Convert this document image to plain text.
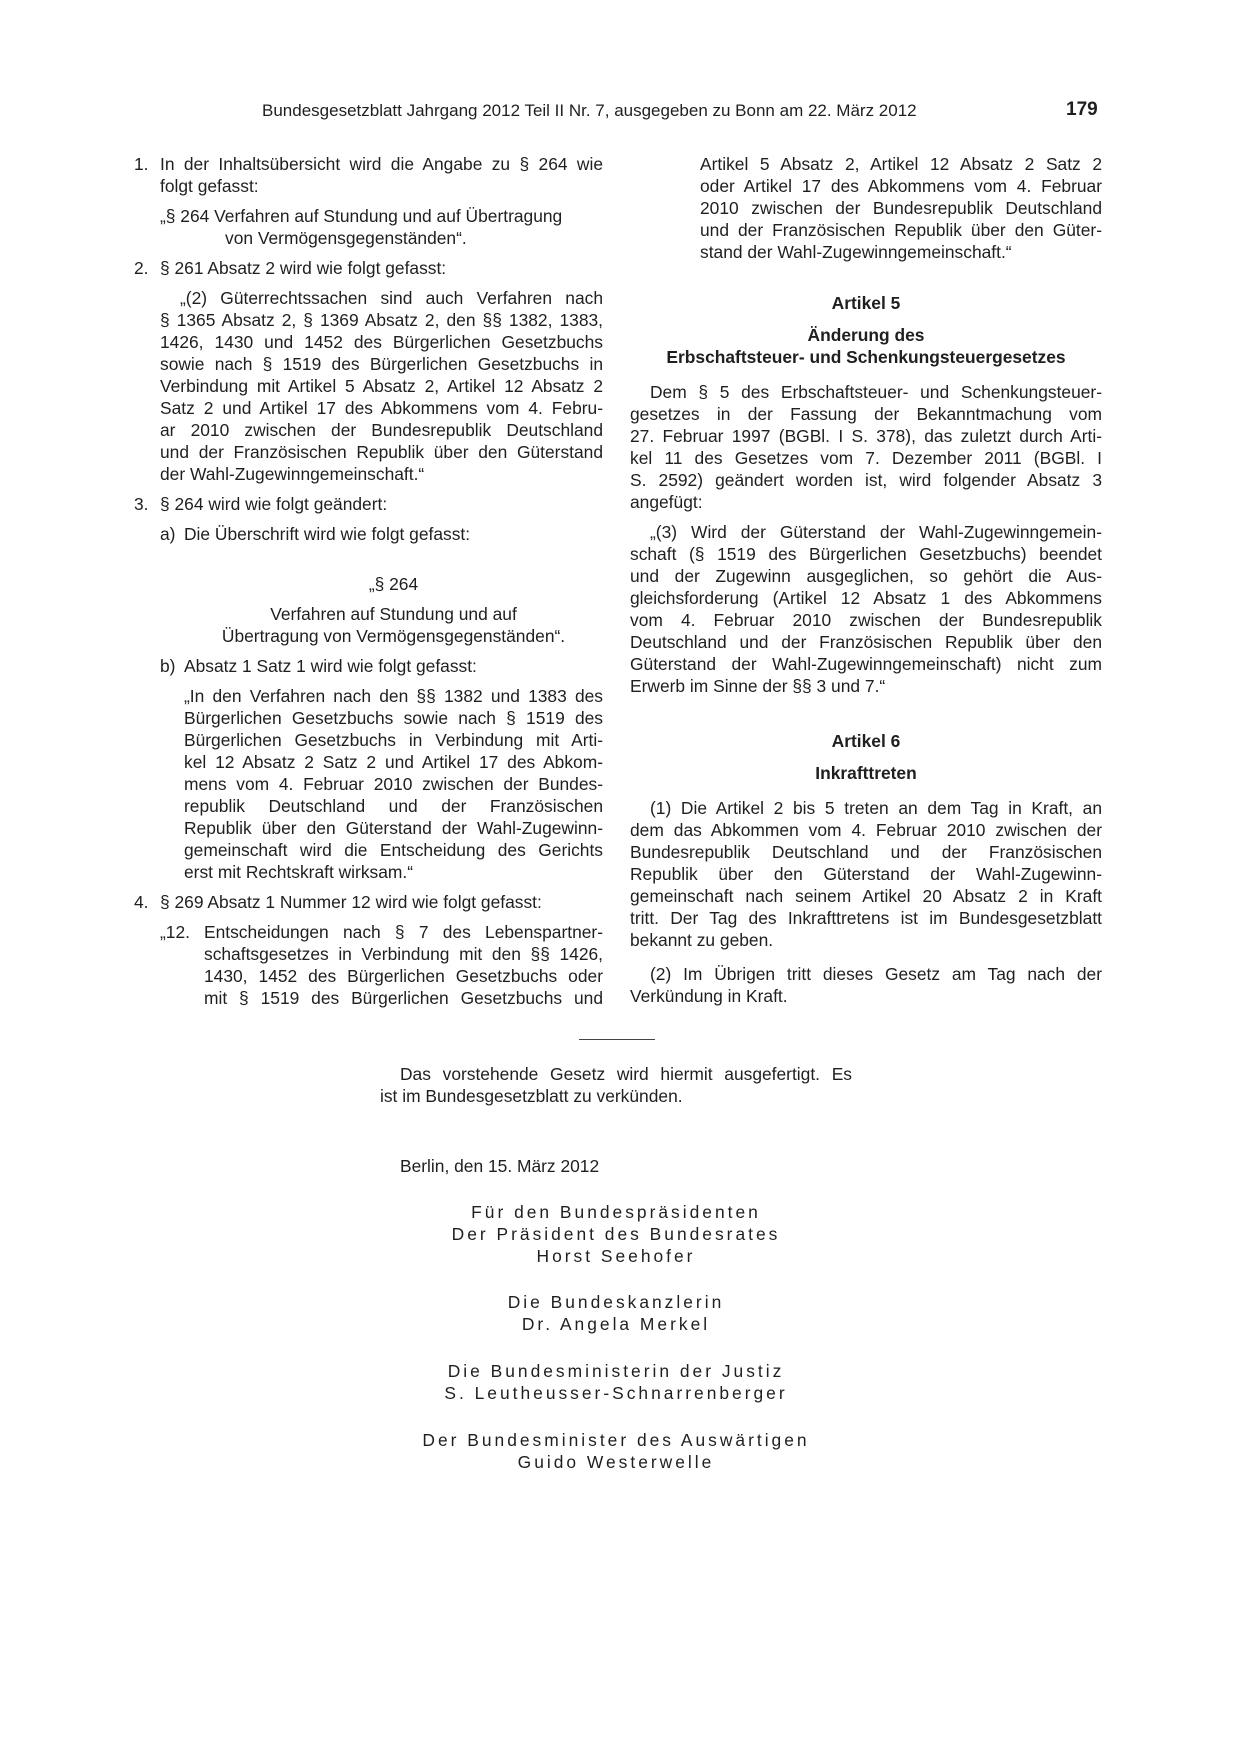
Bundesgesetzblatt Jahrgang 2012 Teil II Nr. 7, ausgegeben zu Bonn am 22. März 2012	179
1. In der Inhaltsübersicht wird die Angabe zu § 264 wie
folgt gefasst:
„§ 264 Verfahren auf Stundung und auf Übertragung
von Vermögensgegenständen“.
2. § 261 Absatz 2 wird wie folgt gefasst:
„(2) Güterrechtssachen sind auch Verfahren nach
§ 1365 Absatz 2, § 1369 Absatz 2, den §§ 1382, 1383,
1426, 1430 und 1452 des Bürgerlichen Gesetzbuchs
sowie nach § 1519 des Bürgerlichen Gesetzbuchs in
Verbindung mit Artikel 5 Absatz 2, Artikel 12 Absatz 2
Satz 2 und Artikel 17 des Abkommens vom 4. Febru-
ar 2010 zwischen der Bundesrepublik Deutschland
und der Französischen Republik über den Güterstand
der Wahl-Zugewinngemeinschaft.“
3. § 264 wird wie folgt geändert:
a) Die Überschrift wird wie folgt gefasst:
„§ 264
Verfahren auf Stundung und auf
Übertragung von Vermögensgegenständen“.
b) Absatz 1 Satz 1 wird wie folgt gefasst:
„In den Verfahren nach den §§ 1382 und 1383 des
Bürgerlichen Gesetzbuchs sowie nach § 1519 des
Bürgerlichen Gesetzbuchs in Verbindung mit Arti-
kel 12 Absatz 2 Satz 2 und Artikel 17 des Abkom-
mens vom 4. Februar 2010 zwischen der Bundes-
republik Deutschland und der Französischen
Republik über den Güterstand der Wahl-Zugewinn-
gemeinschaft wird die Entscheidung des Gerichts
erst mit Rechtskraft wirksam.“
4. § 269 Absatz 1 Nummer 12 wird wie folgt gefasst:
„12. Entscheidungen nach § 7 des Lebenspartner-
schaftsgesetzes in Verbindung mit den §§ 1426,
1430, 1452 des Bürgerlichen Gesetzbuchs oder
mit § 1519 des Bürgerlichen Gesetzbuchs und
Artikel 5 Absatz 2, Artikel 12 Absatz 2 Satz 2
oder Artikel 17 des Abkommens vom 4. Februar
2010 zwischen der Bundesrepublik Deutschland
und der Französischen Republik über den Güter-
stand der Wahl-Zugewinngemeinschaft.“
Artikel 5
Änderung des
Erbschaftsteuer- und Schenkungsteuergesetzes
Dem § 5 des Erbschaftsteuer- und Schenkungsteuer-
gesetzes in der Fassung der Bekanntmachung vom
27. Februar 1997 (BGBl. I S. 378), das zuletzt durch Arti-
kel 11 des Gesetzes vom 7. Dezember 2011 (BGBl. I
S. 2592) geändert worden ist, wird folgender Absatz 3
angefügt:
„(3) Wird der Güterstand der Wahl-Zugewinngemein-
schaft (§ 1519 des Bürgerlichen Gesetzbuchs) beendet
und der Zugewinn ausgeglichen, so gehört die Aus-
gleichsforderung (Artikel 12 Absatz 1 des Abkommens
vom 4. Februar 2010 zwischen der Bundesrepublik
Deutschland und der Französischen Republik über den
Güterstand der Wahl-Zugewinngemeinschaft) nicht zum
Erwerb im Sinne der §§ 3 und 7.“
Artikel 6
Inkrafttreten
(1) Die Artikel 2 bis 5 treten an dem Tag in Kraft, an
dem das Abkommen vom 4. Februar 2010 zwischen der
Bundesrepublik Deutschland und der Französischen
Republik über den Güterstand der Wahl-Zugewinn-
gemeinschaft nach seinem Artikel 20 Absatz 2 in Kraft
tritt. Der Tag des Inkrafttretens ist im Bundesgesetzblatt
bekannt zu geben.
(2) Im Übrigen tritt dieses Gesetz am Tag nach der
Verkündung in Kraft.
Das vorstehende Gesetz wird hiermit ausgefertigt. Es
ist im Bundesgesetzblatt zu verkünden.
Berlin, den 15. März 2012
Für den Bundespräsidenten
Der Präsident des Bundesrates
Horst Seehofer
Die Bundeskanzlerin
Dr. Angela Merkel
Die Bundesministerin der Justiz
S. Leutheusser-Schnarrenberger
Der Bundesminister des Auswärtigen
Guido Westerwelle
